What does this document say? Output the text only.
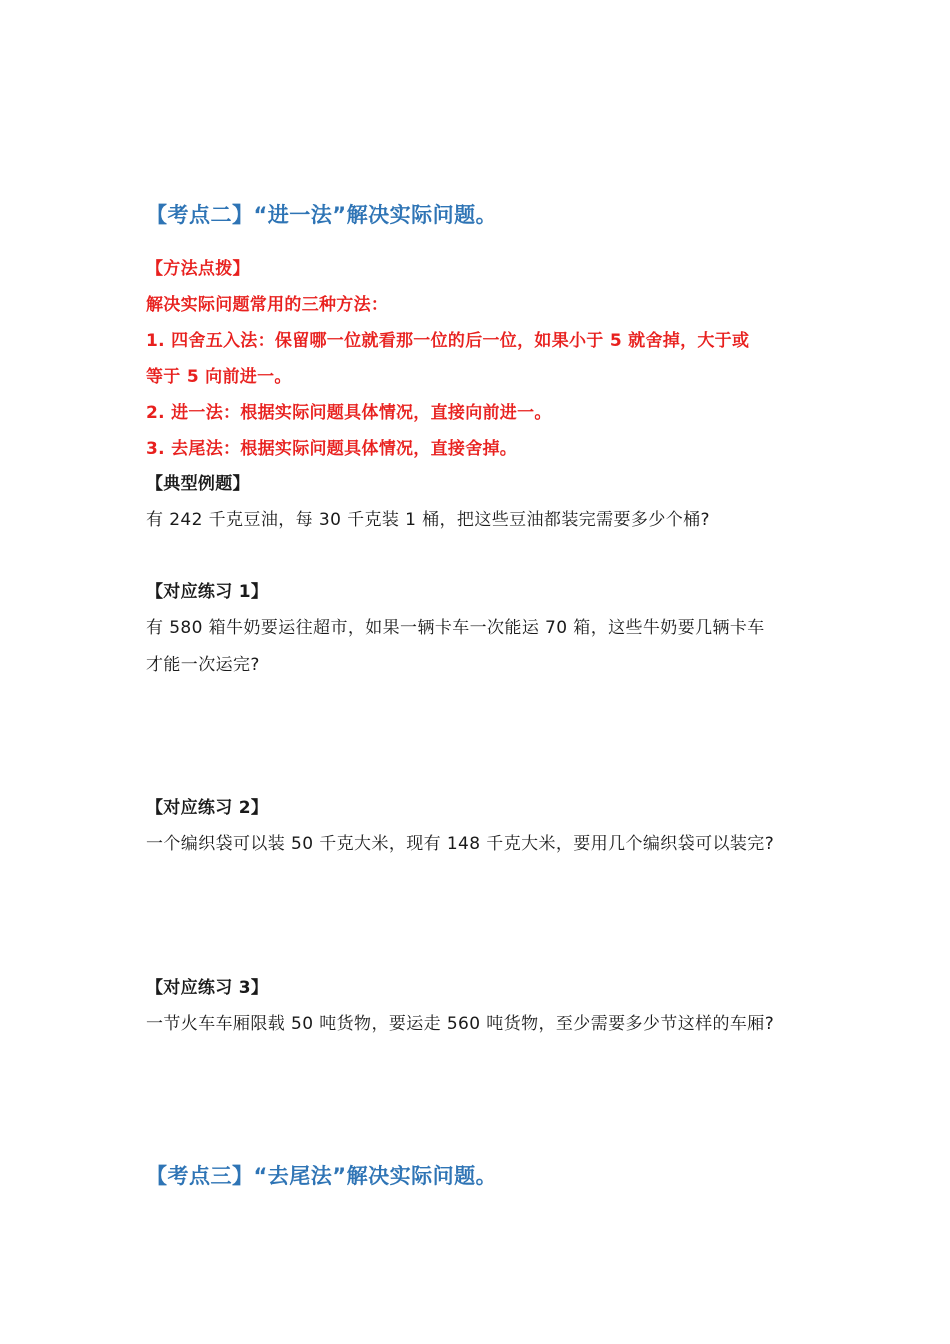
【考点二】“进一法”解决实际问题。

【方法点拨】

解决实际问题常用的三种方法：

1. 四舍五入法：保留哪一位就看那一位的后一位，如果小于 5 就舍掉，大于或

等于 5 向前进一。

2. 进一法：根据实际问题具体情况，直接向前进一。

3. 去尾法：根据实际问题具体情况，直接舍掉。

【典型例题】

有 242 千克豆油，每 30 千克装 1 桶，把这些豆油都装完需要多少个桶?

【对应练习 1】

有 580 箱牛奶要运往超市，如果一辆卡车一次能运 70 箱，这些牛奶要几辆卡车

才能一次运完?

【对应练习 2】

一个编织袋可以装 50 千克大米，现有 148 千克大米，要用几个编织袋可以装完?

【对应练习 3】

一节火车车厢限载 50 吨货物，要运走 560 吨货物，至少需要多少节这样的车厢?

【考点三】“去尾法”解决实际问题。
